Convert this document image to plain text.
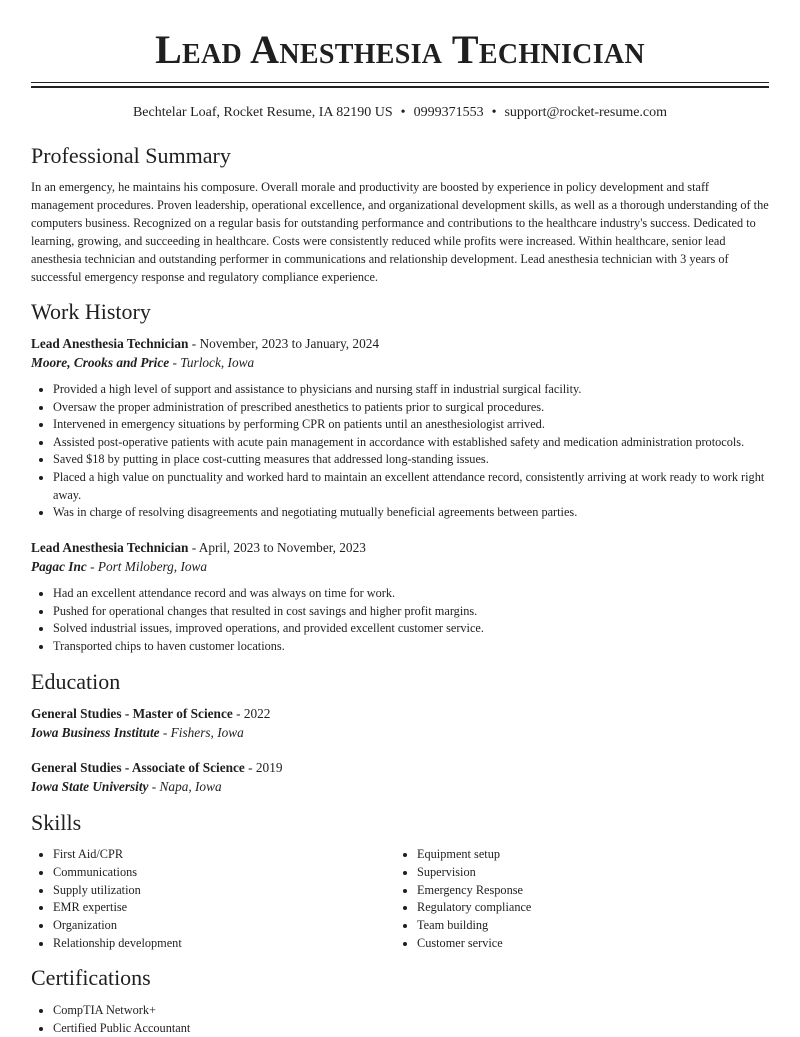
Lead Anesthesia Technician
Bechtelar Loaf, Rocket Resume, IA 82190 US • 0999371553 • support@rocket-resume.com
Professional Summary

In an emergency, he maintains his composure. Overall morale and productivity are boosted by experience in policy development and staff management procedures. Proven leadership, operational excellence, and organizational development skills, as well as a thorough understanding of the computers business. Recognized on a regular basis for outstanding performance and contributions to the healthcare industry's success. Dedicated to learning, growing, and succeeding in healthcare. Costs were consistently reduced while profits were increased. Within healthcare, senior lead anesthesia technician and outstanding performer in communications and relationship development. Lead anesthesia technician with 3 years of successful emergency response and regulatory compliance experience.

Work History
Lead Anesthesia Technician - November, 2023 to January, 2024
Moore, Crooks and Price - Turlock, Iowa
• Provided a high level of support and assistance to physicians and nursing staff in industrial surgical facility.
• Oversaw the proper administration of prescribed anesthetics to patients prior to surgical procedures.
• Intervened in emergency situations by performing CPR on patients until an anesthesiologist arrived.
• Assisted post-operative patients with acute pain management in accordance with established safety and medication administration protocols.
• Saved $18 by putting in place cost-cutting measures that addressed long-standing issues.
• Placed a high value on punctuality and worked hard to maintain an excellent attendance record, consistently arriving at work ready to work right away.
• Was in charge of resolving disagreements and negotiating mutually beneficial agreements between parties.
Lead Anesthesia Technician - April, 2023 to November, 2023
Pagac Inc - Port Miloberg, Iowa
• Had an excellent attendance record and was always on time for work.
• Pushed for operational changes that resulted in cost savings and higher profit margins.
• Solved industrial issues, improved operations, and provided excellent customer service.
• Transported chips to haven customer locations.
Education
General Studies - Master of Science - 2022
Iowa Business Institute - Fishers, Iowa
General Studies - Associate of Science - 2019
Iowa State University - Napa, Iowa
Skills
• First Aid/CPR
• Communications
• Supply utilization
• EMR expertise
• Organization
• Relationship development
• Equipment setup
• Supervision
• Emergency Response
• Regulatory compliance
• Team building
• Customer service
Certifications
• CompTIA Network+
• Certified Public Accountant
